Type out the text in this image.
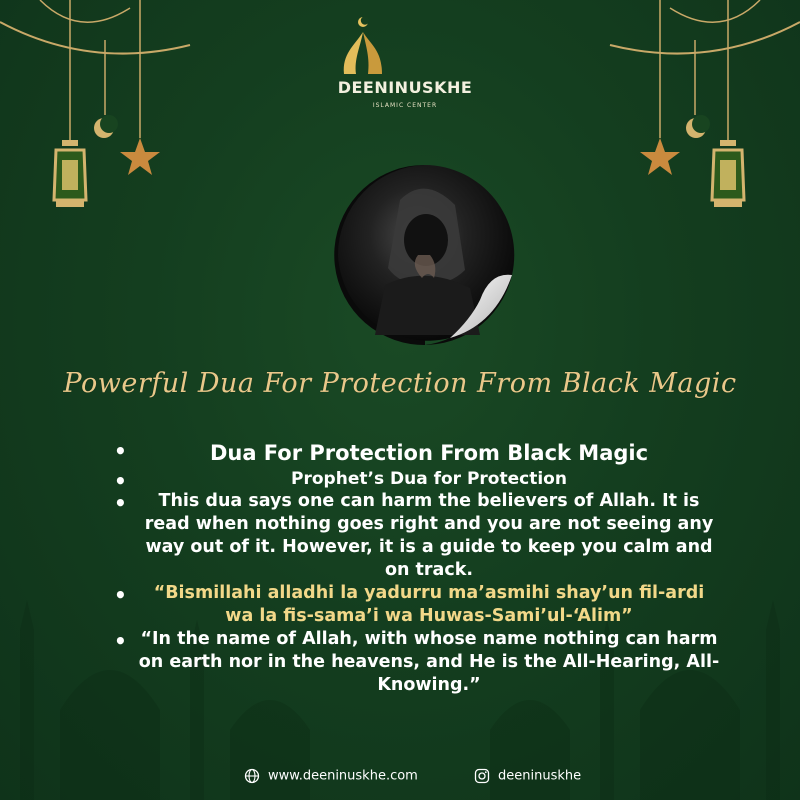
DEENINUSKHE
ISLAMIC CENTER
Powerful Dua For Protection From Black Magic
•	Dua For Protection From Black Magic
•	Prophet’s Dua for Protection
• This dua says one can harm the believers of Allah. It is read when nothing goes right and you are not seeing any way out of it. However, it is a guide to keep you calm and on track.
• “Bismillahi alladhi la yadurru ma’asmihi shay’un fil-ardi wa la fis-sama’i wa Huwas-Sami’ul-‘Alim”
• “In the name of Allah, with whose name nothing can harm on earth nor in the heavens, and He is the All-Hearing, All-Knowing.”
www.deeninuskhe.com	deeninuskhe
